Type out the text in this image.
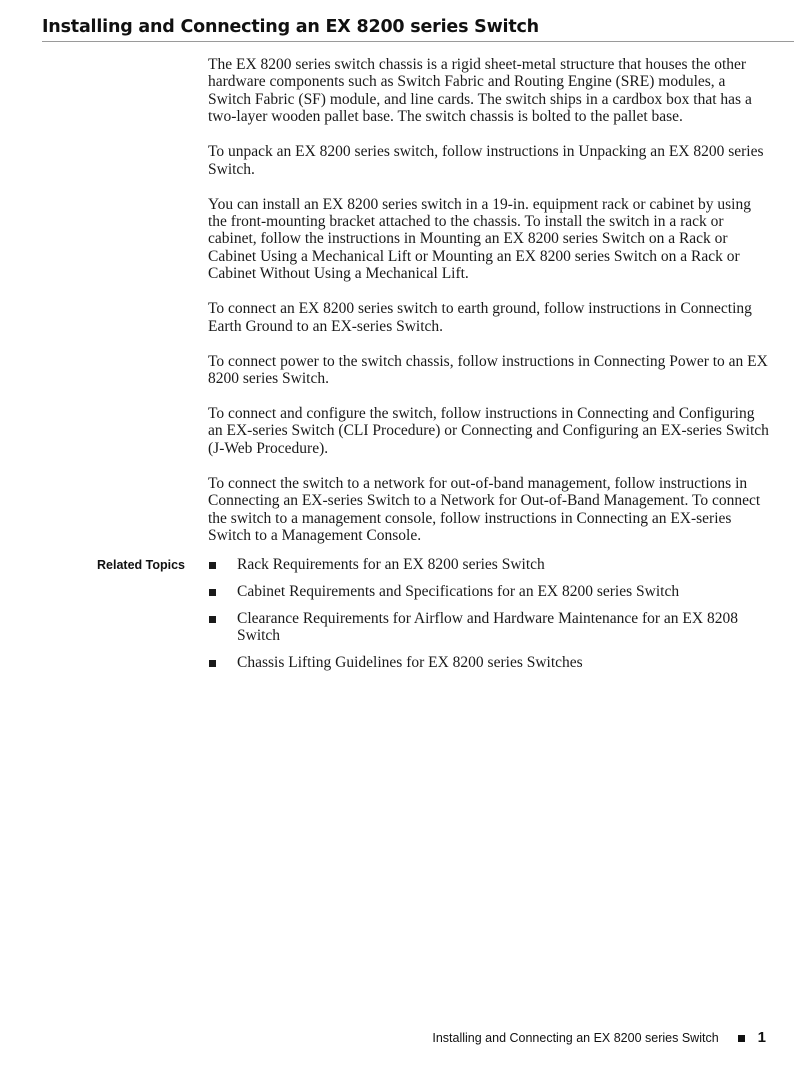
Installing and Connecting an EX 8200 series Switch

The EX 8200 series switch chassis is a rigid sheet-metal structure that houses the other hardware components such as Switch Fabric and Routing Engine (SRE) modules, a Switch Fabric (SF) module, and line cards. The switch ships in a cardbox box that has a two-layer wooden pallet base. The switch chassis is bolted to the pallet base.

To unpack an EX 8200 series switch, follow instructions in Unpacking an EX 8200 series Switch.

You can install an EX 8200 series switch in a 19-in. equipment rack or cabinet by using the front-mounting bracket attached to the chassis. To install the switch in a rack or cabinet, follow the instructions in Mounting an EX 8200 series Switch on a Rack or Cabinet Using a Mechanical Lift or Mounting an EX 8200 series Switch on a Rack or Cabinet Without Using a Mechanical Lift.

To connect an EX 8200 series switch to earth ground, follow instructions in Connecting Earth Ground to an EX-series Switch.

To connect power to the switch chassis, follow instructions in Connecting Power to an EX 8200 series Switch.

To connect and configure the switch, follow instructions in Connecting and Configuring an EX-series Switch (CLI Procedure) or Connecting and Configuring an EX-series Switch (J-Web Procedure).

To connect the switch to a network for out-of-band management, follow instructions in Connecting an EX-series Switch to a Network for Out-of-Band Management. To connect the switch to a management console, follow instructions in Connecting an EX-series Switch to a Management Console.

Related Topics	Rack Requirements for an EX 8200 series Switch
Cabinet Requirements and Specifications for an EX 8200 series Switch
Clearance Requirements for Airflow and Hardware Maintenance for an EX 8208 Switch
Chassis Lifting Guidelines for EX 8200 series Switches
Installing and Connecting an EX 8200 series Switch	1
